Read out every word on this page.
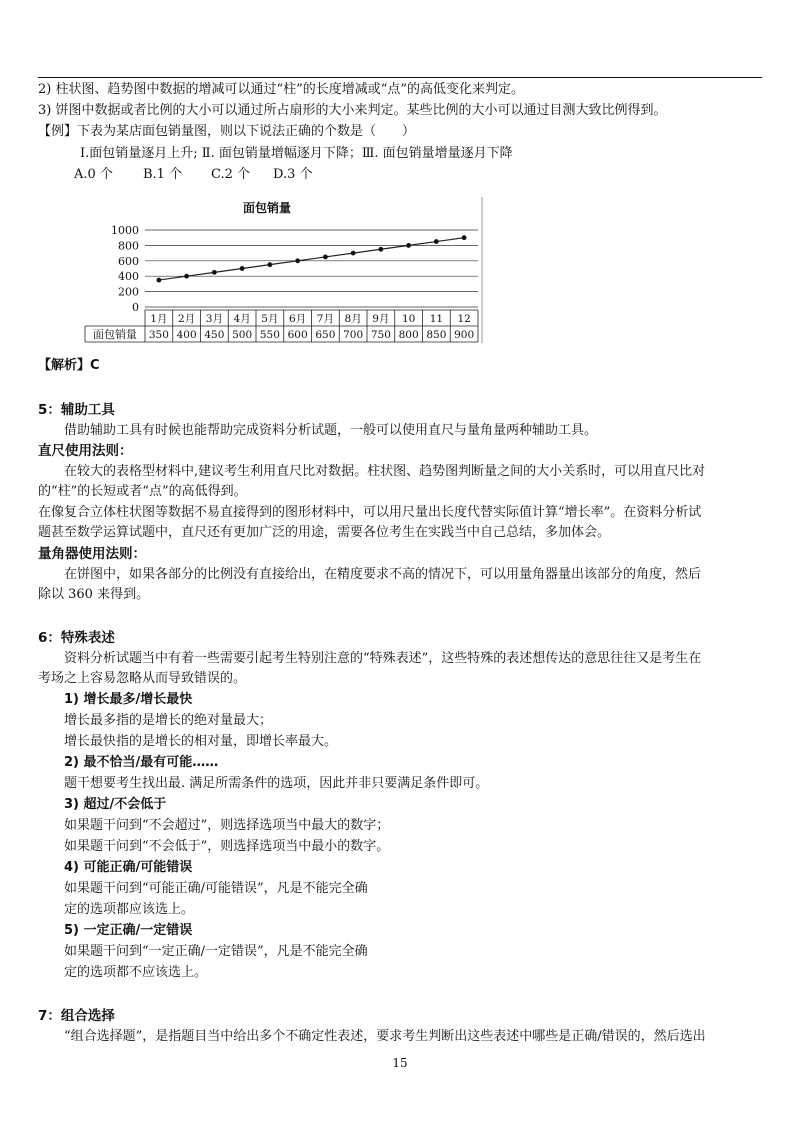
2) 柱状图、趋势图中数据的增减可以通过“柱”的长度增减或“点”的高低变化来判定。
3) 饼图中数据或者比例的大小可以通过所占扇形的大小来判定。某些比例的大小可以通过目测大致比例得到。
【例】下表为某店面包销量图，则以下说法正确的个数是（　　）
Ⅰ.面包销量逐月上升; Ⅱ. 面包销量增幅逐月下降；Ⅲ. 面包销量增量逐月下降
A.0 个 B.1 个 C.2 个 D.3 个
面包销量
1000
800
600
400
200
0
面包销量
1月
350
2月
400
3月
450
4月
500
5月
550
6月
600
7月
650
8月
700
9月
750
10
800
11
850
12
900
【解析】C
5：辅助工具
借助辅助工具有时候也能帮助完成资料分析试题，一般可以使用直尺与量角量两种辅助工具。
直尺使用法则：
在较大的表格型材料中,建议考生利用直尺比对数据。柱状图、趋势图判断量之间的大小关系时，可以用直尺比对
的“柱”的长短或者“点”的高低得到。
在像复合立体柱状图等数据不易直接得到的图形材料中，可以用尺量出长度代替实际值计算“增长率”。在资料分析试
题甚至数学运算试题中，直尺还有更加广泛的用途，需要各位考生在实践当中自己总结，多加体会。
量角器使用法则：
在饼图中，如果各部分的比例没有直接给出，在精度要求不高的情况下，可以用量角器量出该部分的角度，然后
除以 360 来得到。
6：特殊表述
资料分析试题当中有着一些需要引起考生特别注意的“特殊表述”，这些特殊的表述想传达的意思往往又是考生在
考场之上容易忽略从而导致错误的。
1) 增长最多/增长最快
增长最多指的是增长的绝对量最大；
增长最快指的是增长的相对量，即增长率最大。
2) 最不恰当/最有可能……
题干想要考生找出最. 满足所需条件的选项，因此并非只要满足条件即可。
3) 超过/不会低于
如果题干问到“不会超过”，则选择选项当中最大的数字；
如果题干问到“不会低于”，则选择选项当中最小的数字。
4) 可能正确/可能错误
如果题干问到“可能正确/可能错误”，凡是不能完全确
定的选项都应该选上。
5) 一定正确/一定错误
如果题干问到“一定正确/一定错误”，凡是不能完全确
定的选项都不应该选上。
7：组合选择
“组合选择题”，是指题目当中给出多个不确定性表述，要求考生判断出这些表述中哪些是正确/错误的，然后选出
15
